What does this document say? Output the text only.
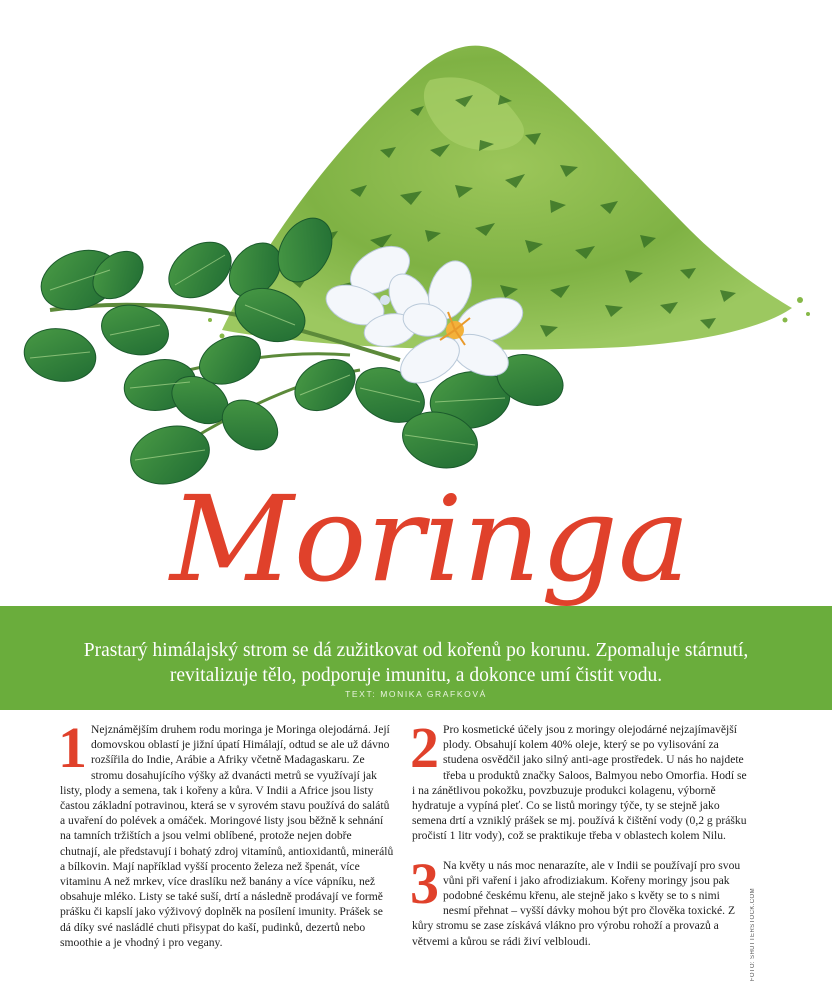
Moringa

Prastarý himálajský strom se dá zužitkovat od kořenů po korunu. Zpomaluje stárnutí, revitalizuje tělo, podporuje imunitu, a dokonce umí čistit vodu.

TEXT: MONIKA GRAFKOVÁ

1 Nejznámějším druhem rodu moringa je Moringa olejodárná. Její domovskou oblastí je jižní úpatí Himálají, odtud se ale už dávno rozšířila do Indie, Arábie a Afriky včetně Madagaskaru. Ze stromu dosahujícího výšky až dvanácti metrů se využívají jak listy, plody a semena, tak i kořeny a kůra. V Indii a Africe jsou listy častou základní potravinou, která se v syrovém stavu používá do salátů a uvaření do polévek a omáček. Moringové listy jsou běžně k sehnání na tamních tržištích a jsou velmi oblíbené, protože nejen dobře chutnají, ale představují i bohatý zdroj vitamínů, antioxidantů, minerálů a bílkovin. Mají například vyšší procento železa než špenát, více vitaminu A než mrkev, více draslíku než banány a více vápníku, než obsahuje mléko. Listy se také suší, drtí a následně prodávají ve formě prášku či kapslí jako výživový doplněk na posílení imunity. Prášek se dá díky své nasládlé chuti přisypat do kaší, pudinků, dezertů nebo smoothie a je vhodný i pro vegany.

2 Pro kosmetické účely jsou z moringy olejodárné nejzajímavější plody. Obsahují kolem 40% oleje, který se po vylisování za studena osvědčil jako silný anti-age prostředek. U nás ho najdete třeba u produktů značky Saloos, Balmyou nebo Omorfia. Hodí se i na zánětlivou pokožku, povzbuzuje produkci kolagenu, výborně hydratuje a vypíná pleť. Co se listů moringy týče, ty se stejně jako semena drtí a vzniklý prášek se mj. používá k čištění vody (0,2 g prášku pročistí 1 litr vody), což se praktikuje třeba v oblastech kolem Nilu.

3 Na květy u nás moc nenarazíte, ale v Indii se používají pro svou vůni při vaření i jako afrodiziakum. Kořeny moringy jsou pak podobné českému křenu, ale stejně jako s květy se to s nimi nesmí přehnat – vyšší dávky mohou být pro člověka toxické. Z kůry stromu se zase získává vlákno pro výrobu rohoží a provazů a větvemi a kůrou se rádi živí velbloudi.	FOTO: SHUTTERSTOCK.COM
